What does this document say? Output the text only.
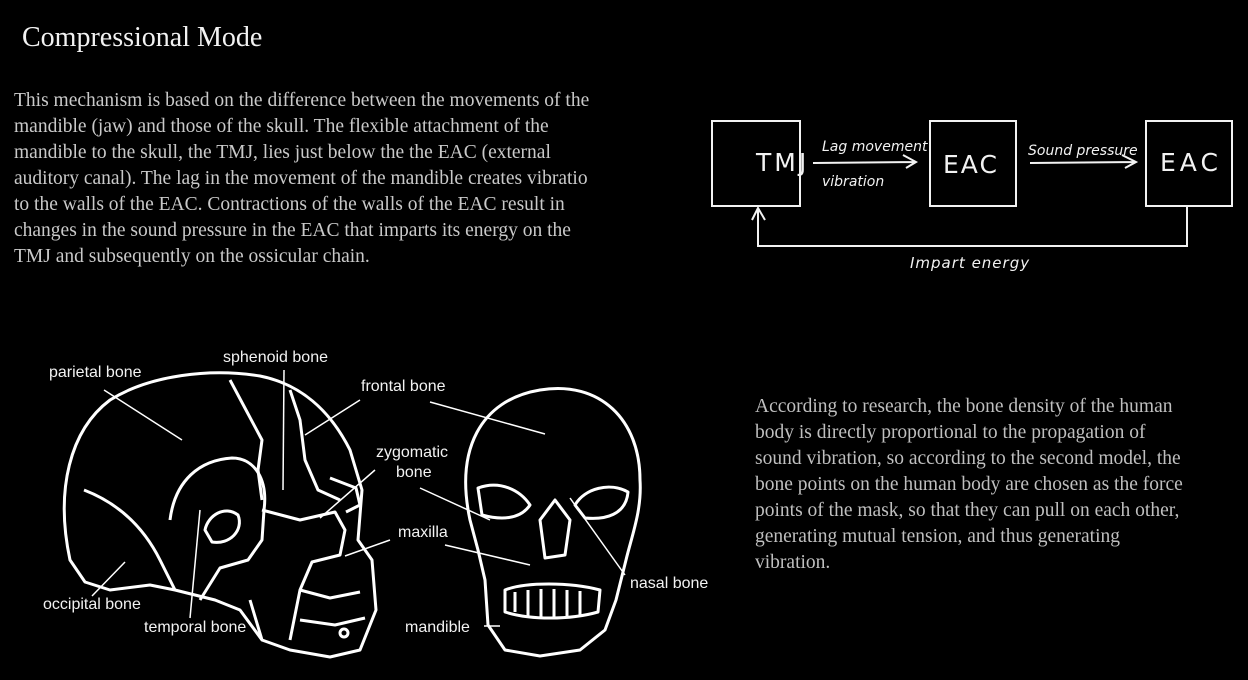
Compressional Mode
This mechanism is based on the difference between the movements of the
mandible (jaw) and those of the skull. The flexible attachment of the
mandible to the skull, the TMJ, lies just below the the EAC (external
auditory canal). The lag in the movement of the mandible creates vibratio
to the walls of the EAC. Contractions of the walls of the EAC result in
changes in the sound pressure in the EAC that imparts its energy on the
TMJ and subsequently on the ossicular chain.
TMJ	EAC	EAC
Lag movement
vibration
Sound pressure
Impart energy
parietal bone
sphenoid bone
frontal bone
zygomatic
bone
maxilla
nasal bone
occipital bone
temporal bone	mandible
According to research, the bone density of the human
body is directly proportional to the propagation of
sound vibration, so according to the second model, the
bone points on the human body are chosen as the force
points of the mask, so that they can pull on each other,
generating mutual tension, and thus generating
vibration.
